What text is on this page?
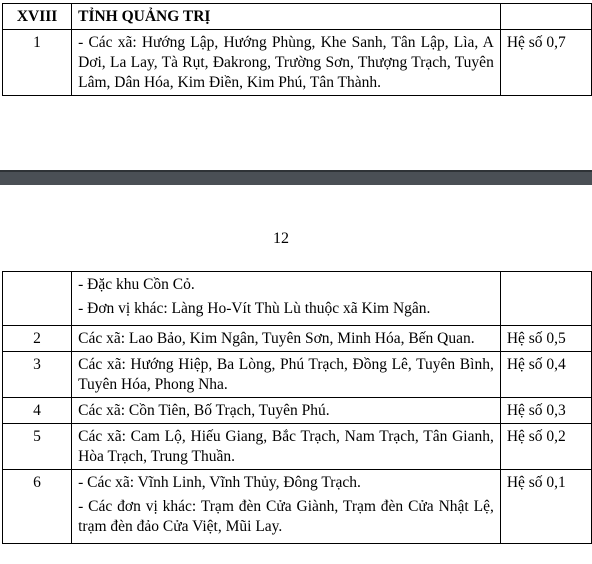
XVIII	TỈNH QUẢNG TRỊ	
1	- Các xã: Hướng Lập, Hướng Phùng, Khe Sanh, Tân Lập, Lìa, A Dơi, La Lay, Tà Rụt, Đakrong, Trường Sơn, Thượng Trạch, Tuyên Lâm, Dân Hóa, Kim Điền, Kim Phú, Tân Thành.	Hệ số 0,7
12

	- Đặc khu Cồn Cỏ.

- Đơn vị khác: Làng Ho-Vít Thù Lù thuộc xã Kim Ngân.	

2	Các xã: Lao Bảo, Kim Ngân, Tuyên Sơn, Minh Hóa, Bến Quan.	Hệ số 0,5
3	Các xã: Hướng Hiệp, Ba Lòng, Phú Trạch, Đồng Lê, Tuyên Bình, Tuyên Hóa, Phong Nha.	Hệ số 0,4
4	Các xã: Cồn Tiên, Bố Trạch, Tuyên Phú.	Hệ số 0,3
5	Các xã: Cam Lộ, Hiếu Giang, Bắc Trạch, Nam Trạch, Tân Gianh, Hòa Trạch, Trung Thuần.	Hệ số 0,2
6	- Các xã: Vĩnh Linh, Vĩnh Thủy, Đông Trạch.

- Các đơn vị khác: Trạm đèn Cửa Giành, Trạm đèn Cửa Nhật Lệ, trạm đèn đảo Cửa Việt, Mũi Lay.	Hệ số 0,1
